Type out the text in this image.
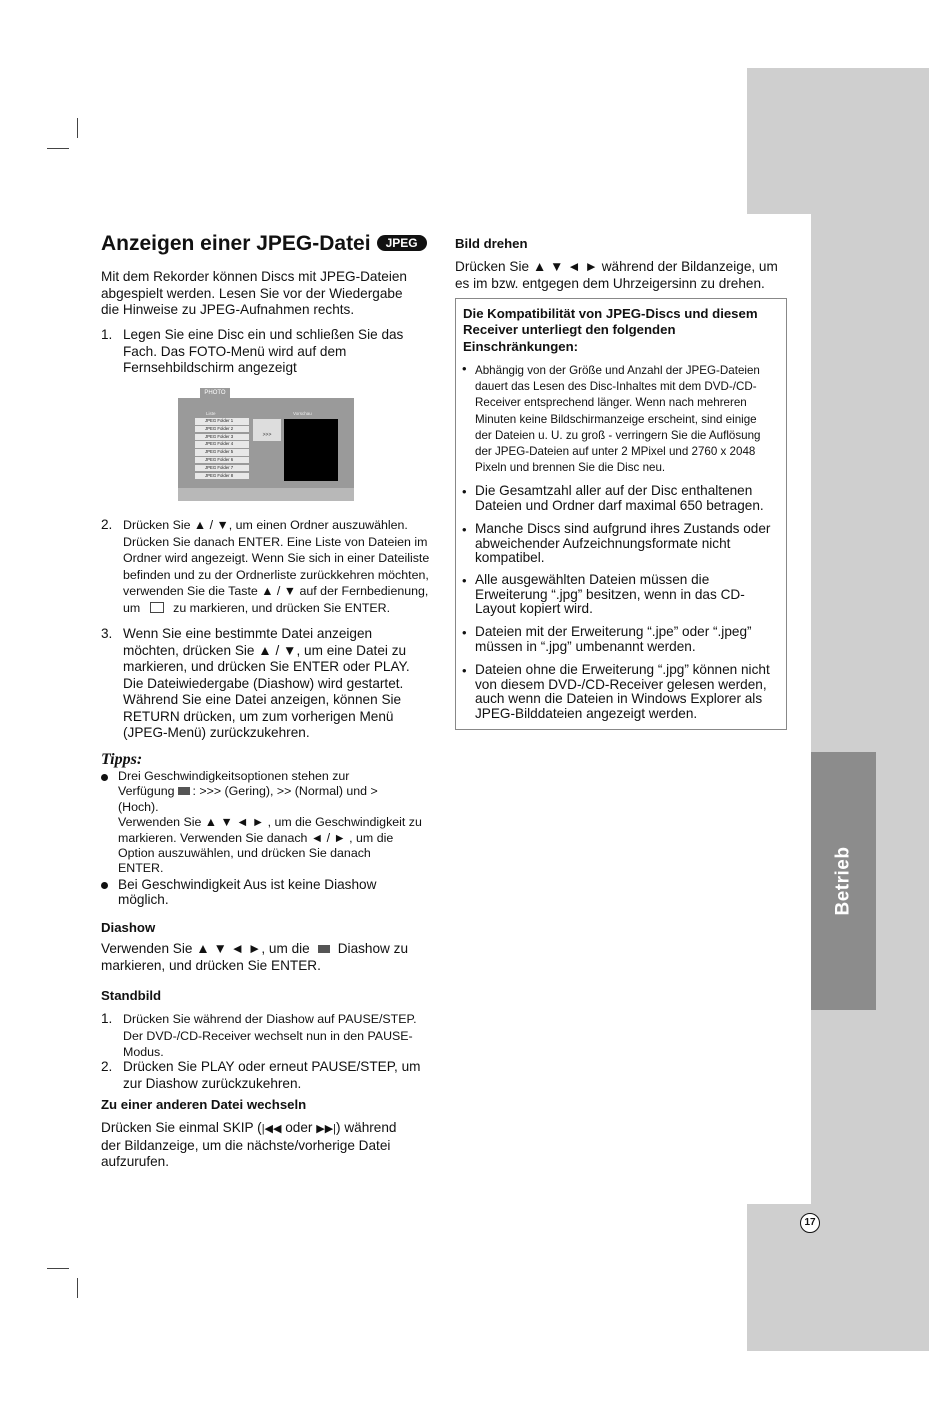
Betrieb
17
Anzeigen einer JPEG-Datei JPEG
Mit dem Rekorder können Discs mit JPEG-Dateien
abgespielt werden. Lesen Sie vor der Wiedergabe
die Hinweise zu JPEG-Aufnahmen rechts.
1. Legen Sie eine Disc ein und schließen Sie das
Fach. Das FOTO-Menü wird auf dem
Fernsehbildschirm angezeigt
PHOTO
Liste	Vorschau
JPEG Folder 1
JPEG Folder 2
JPEG Folder 3
JPEG Folder 4
JPEG Folder 5
JPEG Folder 6
JPEG Folder 7
JPEG Folder 8
>>>
2. Drücken Sie ▲ / ▼, um einen Ordner auszuwählen.
Drücken Sie danach ENTER. Eine Liste von Dateien im
Ordner wird angezeigt. Wenn Sie sich in einer Dateiliste
befinden und zu der Ordnerliste zurückkehren möchten,
verwenden Sie die Taste ▲ / ▼ auf der Fernbedienung,
um	zu markieren, und drücken Sie ENTER.
3. Wenn Sie eine bestimmte Datei anzeigen
möchten, drücken Sie ▲ / ▼, um eine Datei zu
markieren, und drücken Sie ENTER oder PLAY.
Die Dateiwiedergabe (Diashow) wird gestartet.
Während Sie eine Datei anzeigen, können Sie
RETURN drücken, um zum vorherigen Menü
(JPEG-Menü) zurückzukehren.
Tipps:
Drei Geschwindigkeitsoptionen stehen zur
Verfügung : >>> (Gering), >> (Normal) und >
(Hoch).
Verwenden Sie ▲ ▼ ◄ ► , um die Geschwindigkeit zu
markieren. Verwenden Sie danach ◄ / ► , um die
Option auszuwählen, und drücken Sie danach
ENTER.
Bei Geschwindigkeit Aus ist keine Diashow
möglich.
Diashow
Verwenden Sie ▲ ▼ ◄ ►, um die Diashow zu
markieren, und drücken Sie ENTER.
Standbild
1. Drücken Sie während der Diashow auf PAUSE/STEP.
Der DVD-/CD-Receiver wechselt nun in den PAUSE-
Modus.
2. Drücken Sie PLAY oder erneut PAUSE/STEP, um
zur Diashow zurückzukehren.
Zu einer anderen Datei wechseln
Drücken Sie einmal SKIP (|◀◀ oder ▶▶|) während
der Bildanzeige, um die nächste/vorherige Datei
aufzurufen.
Bild drehen
Drücken Sie ▲ ▼ ◄ ► während der Bildanzeige, um
es im bzw. entgegen dem Uhrzeigersinn zu drehen.
Die Kompatibilität von JPEG-Discs und diesem
Receiver unterliegt den folgenden
Einschränkungen:
• Abhängig von der Größe und Anzahl der JPEG-Dateien
dauert das Lesen des Disc-Inhaltes mit dem DVD-/CD-
Receiver entsprechend länger. Wenn nach mehreren
Minuten keine Bildschirmanzeige erscheint, sind einige
der Dateien u. U. zu groß - verringern Sie die Auflösung
der JPEG-Dateien auf unter 2 MPixel und 2760 x 2048
Pixeln und brennen Sie die Disc neu.
• Die Gesamtzahl aller auf der Disc enthaltenen
Dateien und Ordner darf maximal 650 betragen.
• Manche Discs sind aufgrund ihres Zustands oder
abweichender Aufzeichnungsformate nicht
kompatibel.
• Alle ausgewählten Dateien müssen die
Erweiterung “.jpg” besitzen, wenn in das CD-
Layout kopiert wird.
• Dateien mit der Erweiterung “.jpe” oder “.jpeg”
müssen in “.jpg” umbenannt werden.
• Dateien ohne die Erweiterung “.jpg” können nicht
von diesem DVD-/CD-Receiver gelesen werden,
auch wenn die Dateien in Windows Explorer als
JPEG-Bilddateien angezeigt werden.
